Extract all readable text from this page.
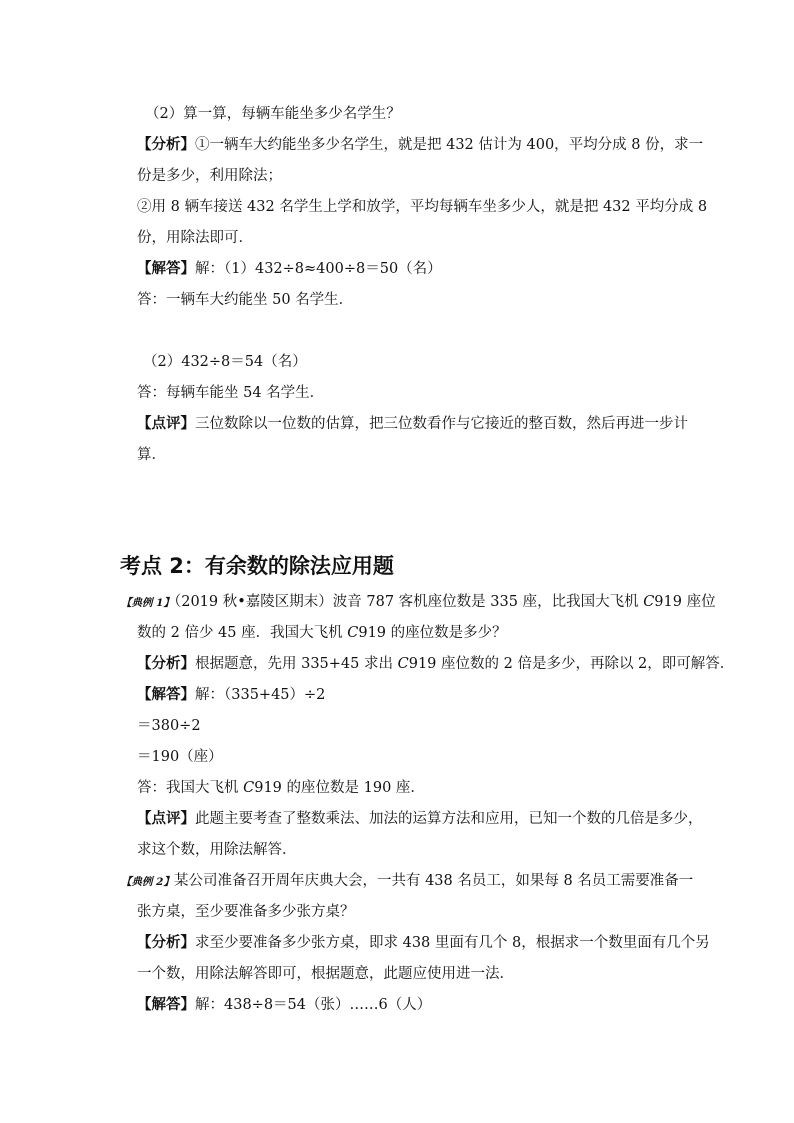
（2）算一算，每辆车能坐多少名学生？
【分析】①一辆车大约能坐多少名学生，就是把 432 估计为 400，平均分成 8 份，求一
份是多少，利用除法；
②用 8 辆车接送 432 名学生上学和放学，平均每辆车坐多少人，就是把 432 平均分成 8
份，用除法即可．
【解答】解：（1）432÷8≈400÷8＝50（名）
答：一辆车大约能坐 50 名学生．
（2）432÷8＝54（名）
答：每辆车能坐 54 名学生．
【点评】三位数除以一位数的估算，把三位数看作与它接近的整百数，然后再进一步计
算．
考点 2：有余数的除法应用题
【典例 1】（2019 秋•嘉陵区期末）波音 787 客机座位数是 335 座，比我国大飞机 C919 座位
数的 2 倍少 45 座．我国大飞机 C919 的座位数是多少？
【分析】根据题意，先用 335+45 求出 C919 座位数的 2 倍是多少，再除以 2，即可解答．
【解答】解：（335+45）÷2
＝380÷2
＝190（座）
答：我国大飞机 C919 的座位数是 190 座．
【点评】此题主要考查了整数乘法、加法的运算方法和应用，已知一个数的几倍是多少，
求这个数，用除法解答．
【典例 2】某公司准备召开周年庆典大会，一共有 438 名员工，如果每 8 名员工需要准备一
张方桌，至少要准备多少张方桌？
【分析】求至少要准备多少张方桌，即求 438 里面有几个 8，根据求一个数里面有几个另
一个数，用除法解答即可，根据题意，此题应使用进一法．
【解答】解：438÷8＝54（张）……6（人）
